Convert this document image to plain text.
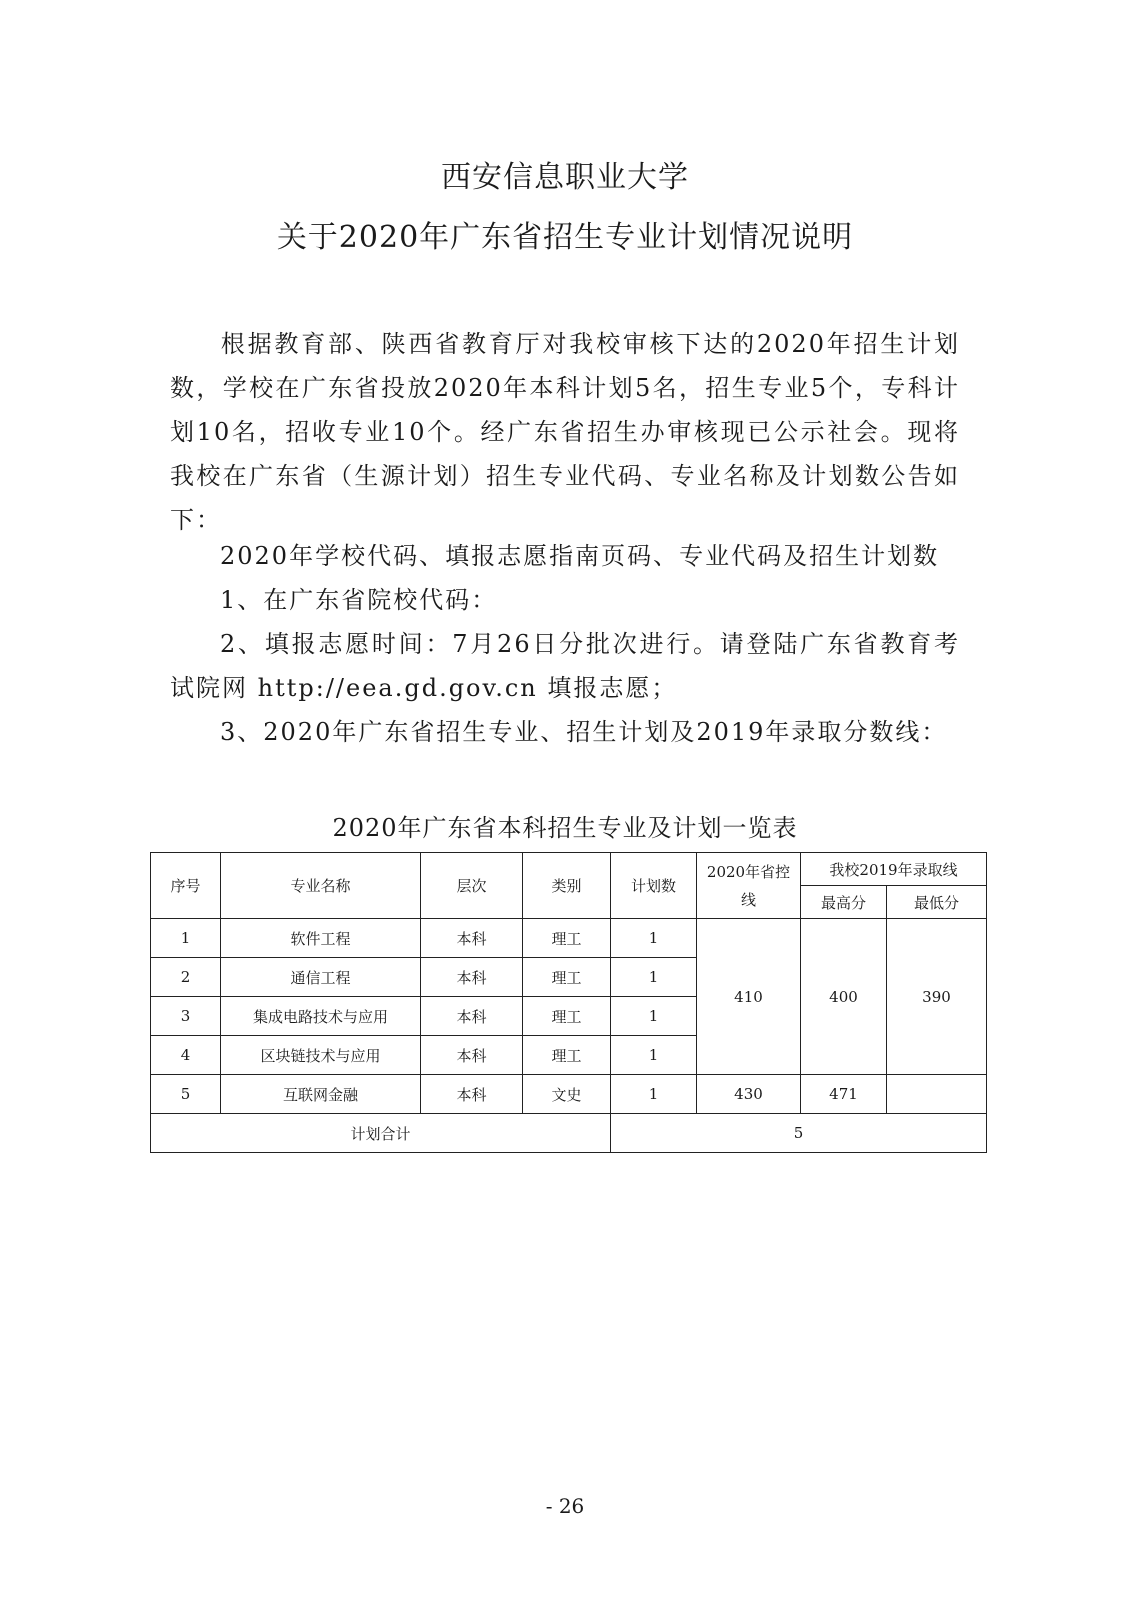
西安信息职业大学
关于2020年广东省招生专业计划情况说明
根据教育部、陕西省教育厅对我校审核下达的2020年招生计划数，学校在广东省投放2020年本科计划5名，招生专业5个，专科计划10名，招收专业10个。经广东省招生办审核现已公示社会。现将我校在广东省（生源计划）招生专业代码、专业名称及计划数公告如下：
2020年学校代码、填报志愿指南页码、专业代码及招生计划数
1、在广东省院校代码：
2、填报志愿时间：7月26日分批次进行。请登陆广东省教育考试院网 http://eea.gd.gov.cn 填报志愿；
3、2020年广东省招生专业、招生计划及2019年录取分数线：
2020年广东省本科招生专业及计划一览表
序号	专业名称	层次	类别	计划数	2020年省控线	我校2019年录取线	
						最高分	最低分
1	软件工程	本科	理工	1	410	400	390
2	通信工程	本科	理工	1			
3	集成电路技术与应用	本科	理工	1			
4	区块链技术与应用	本科	理工	1			
5	互联网金融	本科	文史	1	430	471	
计划合计				5			
- 26
